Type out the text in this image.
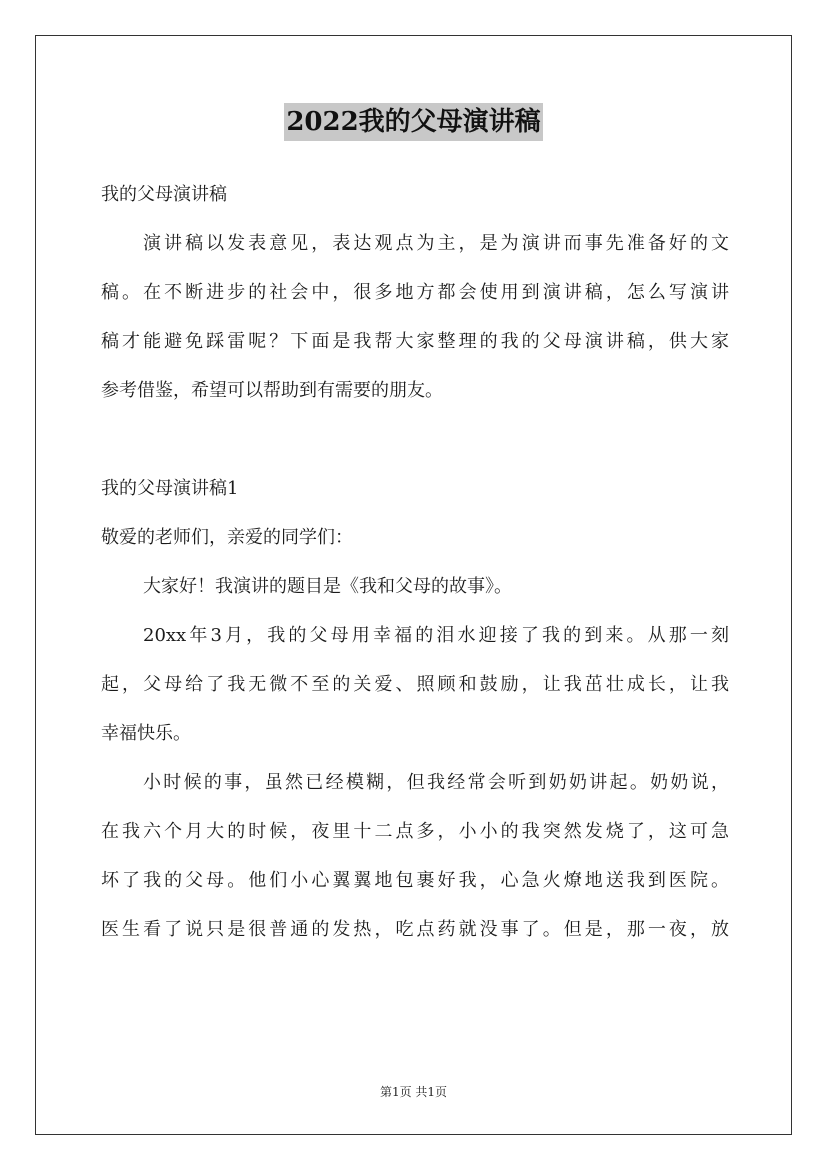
2022我的父母演讲稿
我的父母演讲稿
演讲稿以发表意见，表达观点为主，是为演讲而事先准备好的文
稿。在不断进步的社会中，很多地方都会使用到演讲稿，怎么写演讲
稿才能避免踩雷呢？下面是我帮大家整理的我的父母演讲稿，供大家
参考借鉴，希望可以帮助到有需要的朋友。
我的父母演讲稿1
敬爱的老师们，亲爱的同学们：
大家好！我演讲的题目是《我和父母的故事》。
20xx年3月，我的父母用幸福的泪水迎接了我的到来。从那一刻
起，父母给了我无微不至的关爱、照顾和鼓励，让我茁壮成长，让我
幸福快乐。
小时候的事，虽然已经模糊，但我经常会听到奶奶讲起。奶奶说，
在我六个月大的时候，夜里十二点多，小小的我突然发烧了，这可急
坏了我的父母。他们小心翼翼地包裹好我，心急火燎地送我到医院。
医生看了说只是很普通的发热，吃点药就没事了。但是，那一夜，放
第1页 共1页
